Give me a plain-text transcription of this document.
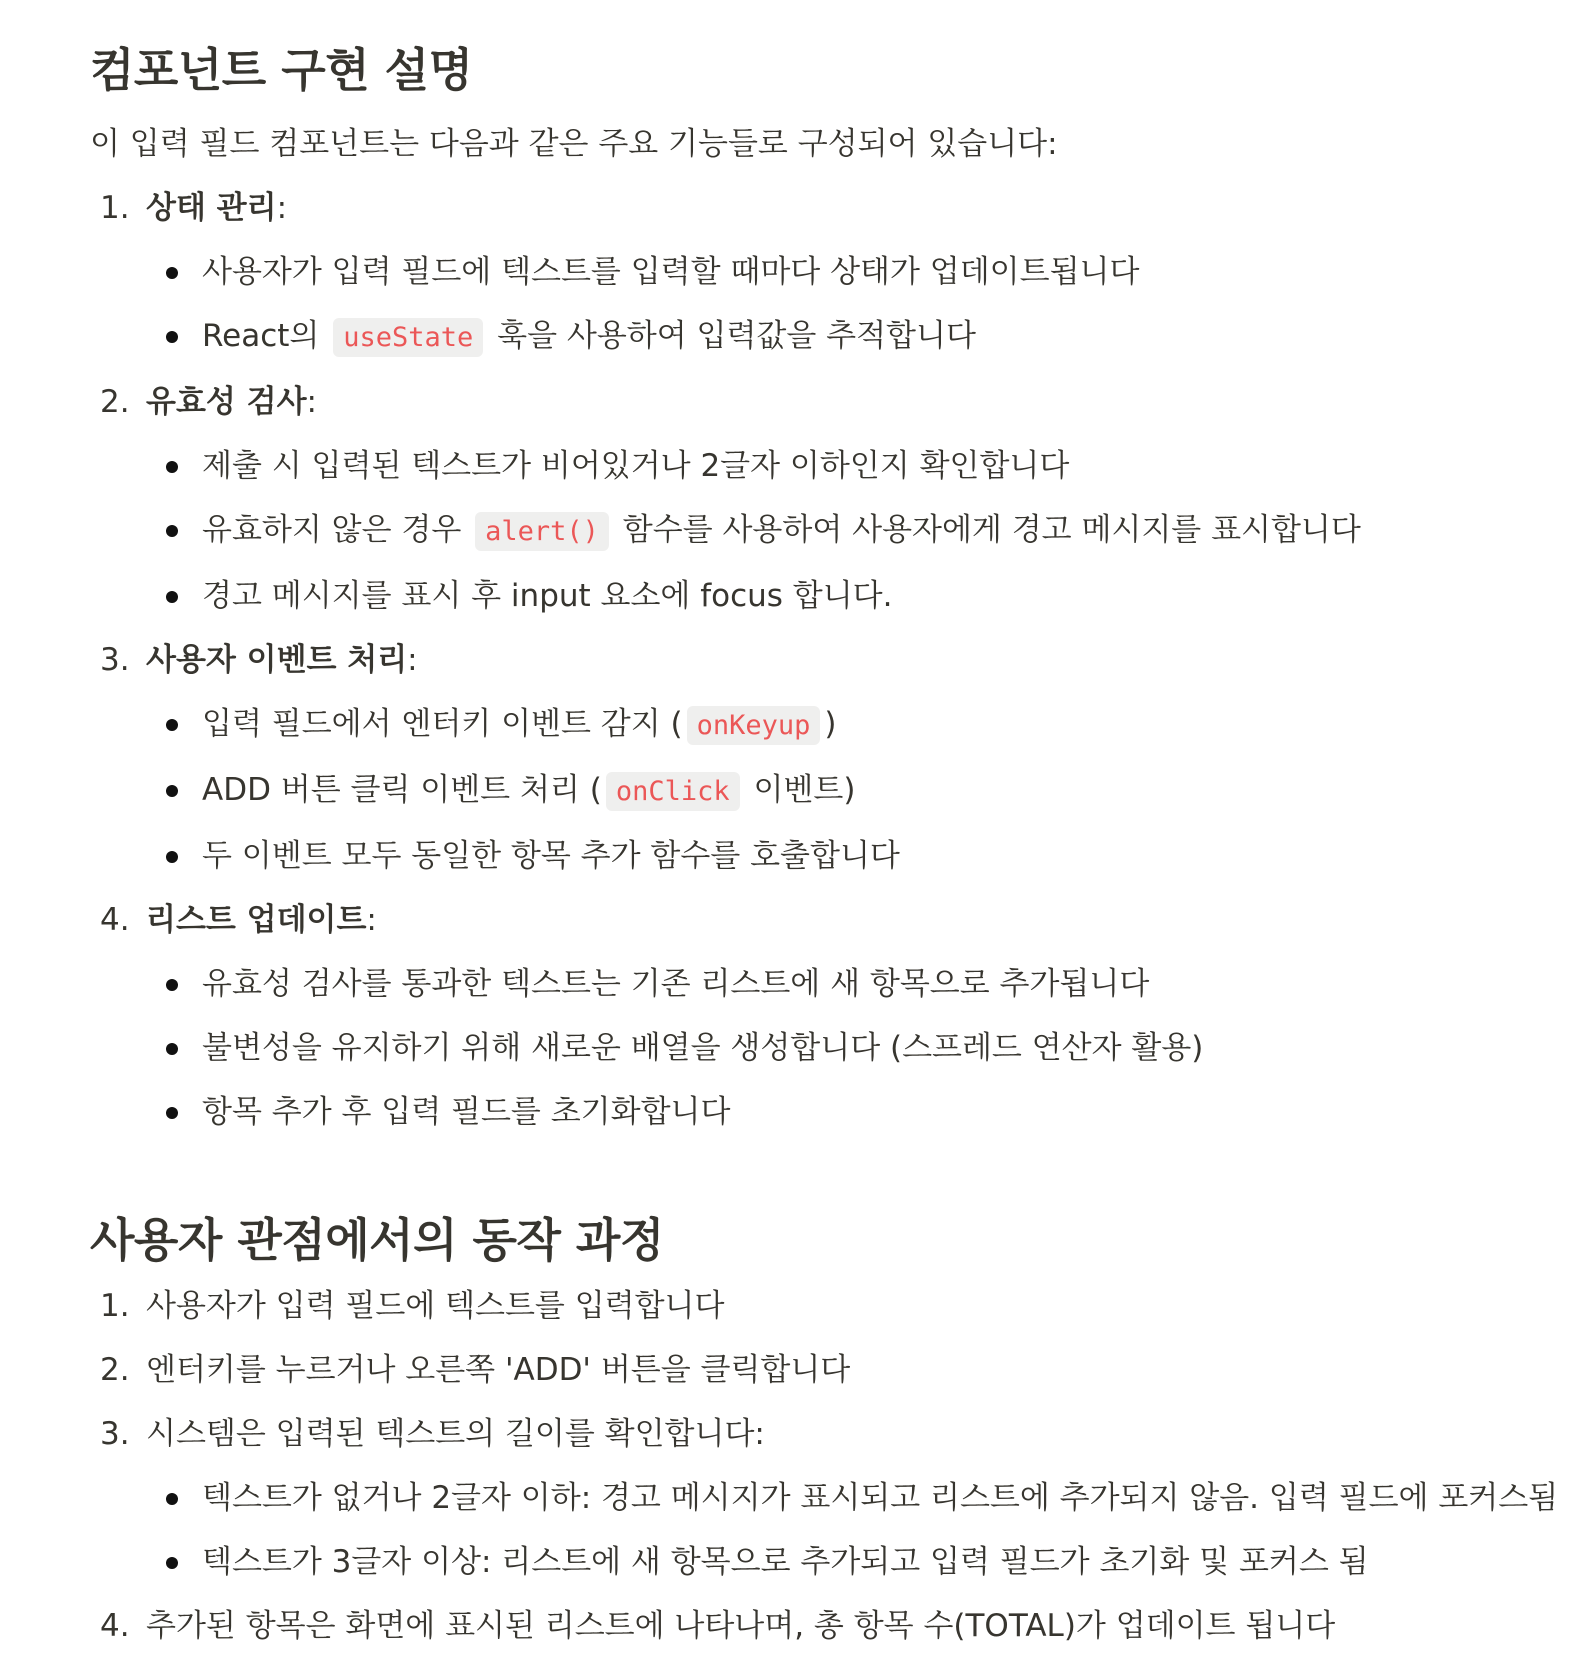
컴포넌트 구현 설명

이 입력 필드 컴포넌트는 다음과 같은 주요 기능들로 구성되어 있습니다:

1. 상태 관리:
사용자가 입력 필드에 텍스트를 입력할 때마다 상태가 업데이트됩니다
React의 useState 훅을 사용하여 입력값을 추적합니다
2. 유효성 검사:
제출 시 입력된 텍스트가 비어있거나 2글자 이하인지 확인합니다
유효하지 않은 경우 alert() 함수를 사용하여 사용자에게 경고 메시지를 표시합니다
경고 메시지를 표시 후 input 요소에 focus 합니다.
3. 사용자 이벤트 처리:
입력 필드에서 엔터키 이벤트 감지 ( onKeyup )
ADD 버튼 클릭 이벤트 처리 ( onClick 이벤트)
두 이벤트 모두 동일한 항목 추가 함수를 호출합니다
4. 리스트 업데이트:
유효성 검사를 통과한 텍스트는 기존 리스트에 새 항목으로 추가됩니다
불변성을 유지하기 위해 새로운 배열을 생성합니다 (스프레드 연산자 활용)
항목 추가 후 입력 필드를 초기화합니다
사용자 관점에서의 동작 과정
1. 사용자가 입력 필드에 텍스트를 입력합니다
2. 엔터키를 누르거나 오른쪽 'ADD' 버튼을 클릭합니다
3. 시스템은 입력된 텍스트의 길이를 확인합니다:
텍스트가 없거나 2글자 이하: 경고 메시지가 표시되고 리스트에 추가되지 않음. 입력 필드에 포커스됨
텍스트가 3글자 이상: 리스트에 새 항목으로 추가되고 입력 필드가 초기화 및 포커스 됨
4. 추가된 항목은 화면에 표시된 리스트에 나타나며, 총 항목 수(TOTAL)가 업데이트 됩니다
